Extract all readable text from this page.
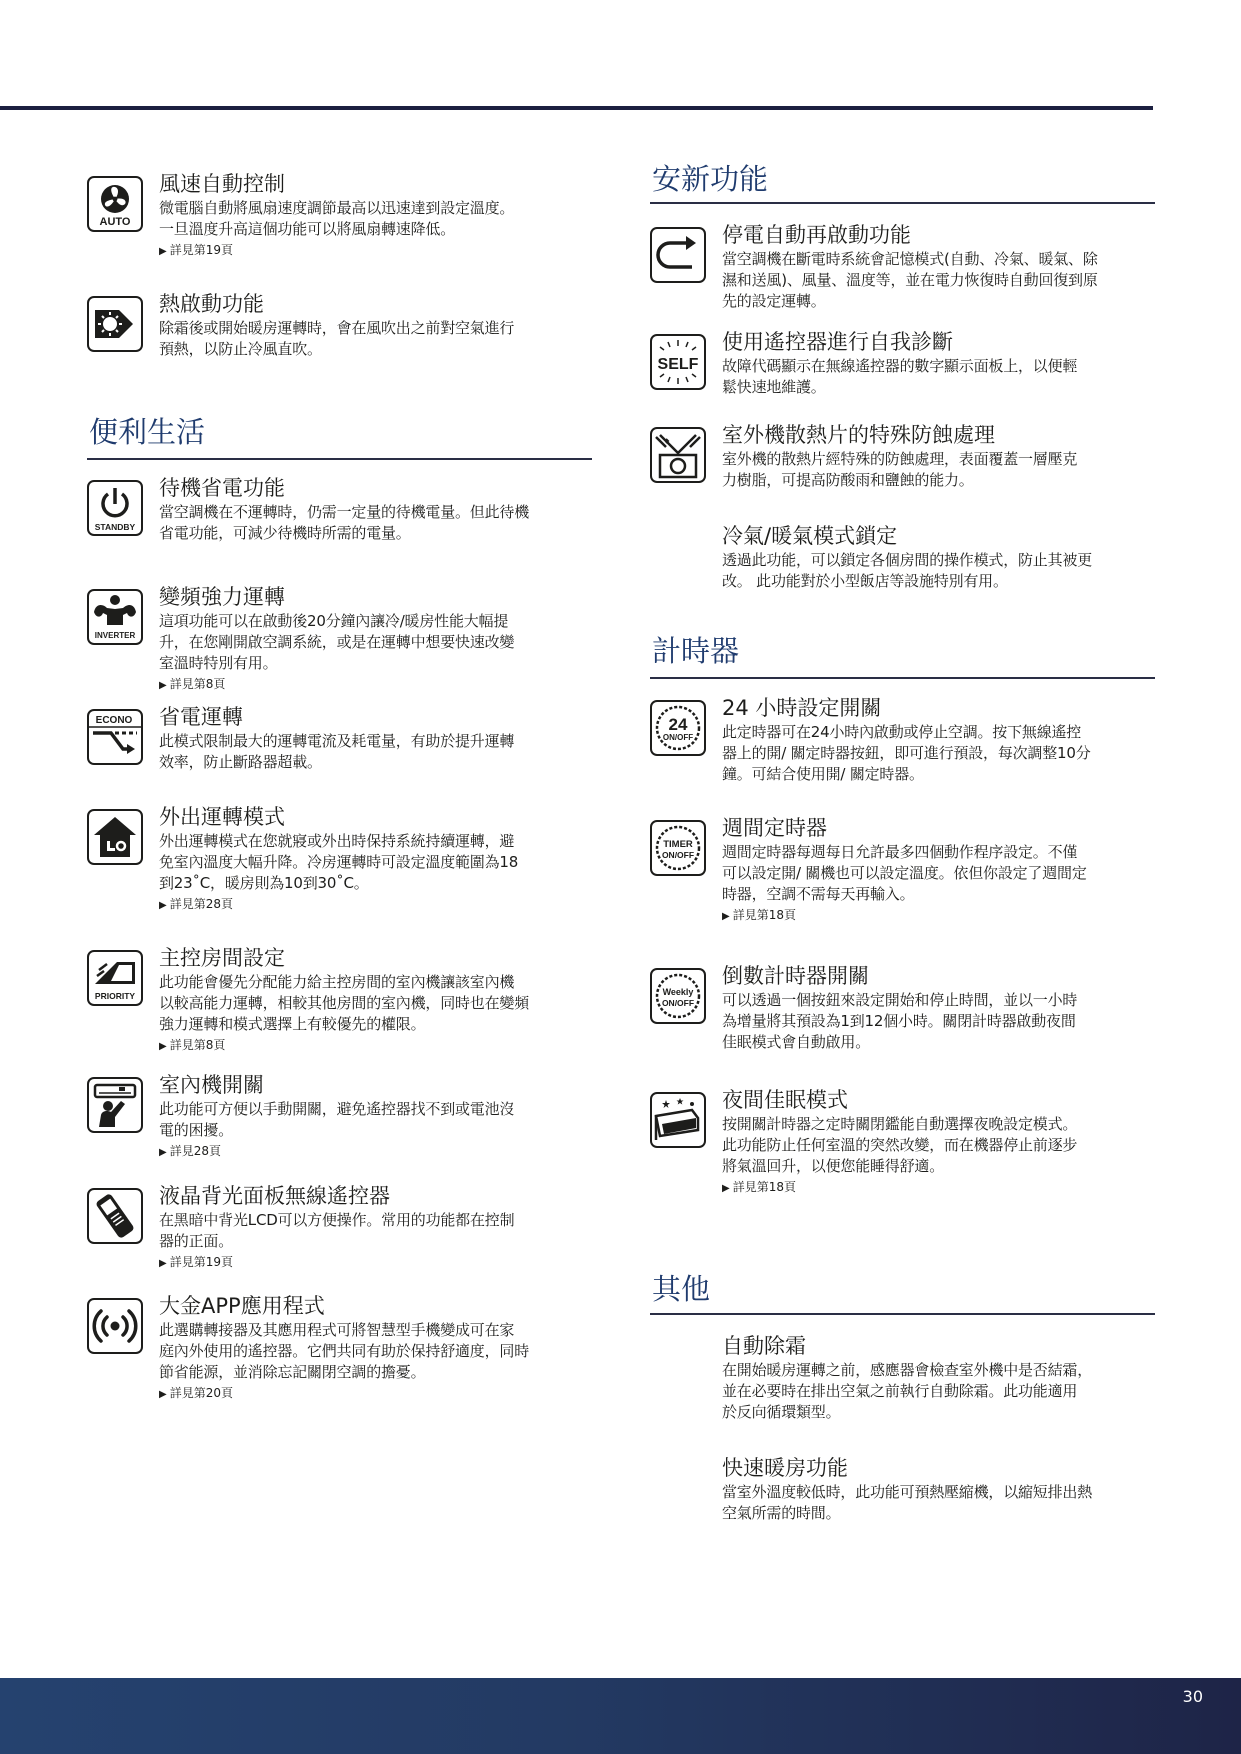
AUTO
風速自動控制
微電腦自動將風扇速度調節最高以迅速達到設定溫度。
一旦溫度升高這個功能可以將風扇轉速降低。
▶ 詳見第19頁
熱啟動功能
除霜後或開始暖房運轉時，會在風吹出之前對空氣進行
預熱，以防止冷風直吹。
便利生活
STANDBY
待機省電功能
當空調機在不運轉時，仍需一定量的待機電量。但此待機
省電功能，可減少待機時所需的電量。
INVERTER
變頻強力運轉
這項功能可以在啟動後20分鐘內讓冷/暖房性能大幅提
升，在您剛開啟空調系統，或是在運轉中想要快速改變
室溫時特別有用。
▶ 詳見第8頁
ECONO 省電運轉
此模式限制最大的運轉電流及耗電量，有助於提升運轉
效率，防止斷路器超載。
外出運轉模式
外出運轉模式在您就寢或外出時保持系統持續運轉，避
免室內溫度大幅升降。冷房運轉時可設定溫度範圍為18
到23˚C，暖房則為10到30˚C。
▶ 詳見第28頁
PRIORITY
主控房間設定
此功能會優先分配能力給主控房間的室內機讓該室內機
以較高能力運轉，相較其他房間的室內機，同時也在變頻
強力運轉和模式選擇上有較優先的權限。
▶ 詳見第8頁
室內機開關
此功能可方便以手動開關，避免遙控器找不到或電池沒
電的困擾。
▶ 詳見28頁
液晶背光面板無線遙控器
在黑暗中背光LCD可以方便操作。常用的功能都在控制
器的正面。
▶ 詳見第19頁
大金APP應用程式
此選購轉接器及其應用程式可將智慧型手機變成可在家
庭內外使用的遙控器。它們共同有助於保持舒適度，同時
節省能源，並消除忘記關閉空調的擔憂。
▶ 詳見第20頁
安新功能
停電自動再啟動功能
當空調機在斷電時系統會記憶模式(自動、冷氣、暖氣、除
濕和送風)、風量、溫度等，並在電力恢復時自動回復到原
先的設定運轉。
SELF
使用遙控器進行自我診斷
故障代碼顯示在無線遙控器的數字顯示面板上，以便輕
鬆快速地維護。
室外機散熱片的特殊防蝕處理
室外機的散熱片經特殊的防蝕處理，表面覆蓋一層壓克
力樹脂，可提高防酸雨和鹽蝕的能力。
冷氣/暖氣模式鎖定
透過此功能，可以鎖定各個房間的操作模式，防止其被更
改。 此功能對於小型飯店等設施特別有用。
計時器
24
ON/OFF
24 小時設定開關
此定時器可在24小時內啟動或停止空調。按下無線遙控
器上的開/ 關定時器按鈕，即可進行預設，每次調整10分
鐘。可結合使用開/ 關定時器。
TIMER
ON/OFF
週間定時器
週間定時器每週每日允許最多四個動作程序設定。不僅
可以設定開/ 關機也可以設定溫度。依但你設定了週間定
時器，空調不需每天再輸入。
▶ 詳見第18頁
Weekly
ON/OFF
倒數計時器開關
可以透過一個按鈕來設定開始和停止時間，並以一小時
為增量將其預設為1到12個小時。關閉計時器啟動夜間
佳眠模式會自動啟用。
夜間佳眠模式
按開關計時器之定時關閉鑑能自動選擇夜晚設定模式。
此功能防止任何室溫的突然改變，而在機器停止前逐步
將氣溫回升，以便您能睡得舒適。
▶ 詳見第18頁
其他
自動除霜
在開始暖房運轉之前，感應器會檢查室外機中是否結霜，
並在必要時在排出空氣之前執行自動除霜。此功能適用
於反向循環類型。
快速暖房功能
當室外溫度較低時，此功能可預熱壓縮機，以縮短排出熱
空氣所需的時間。
30
